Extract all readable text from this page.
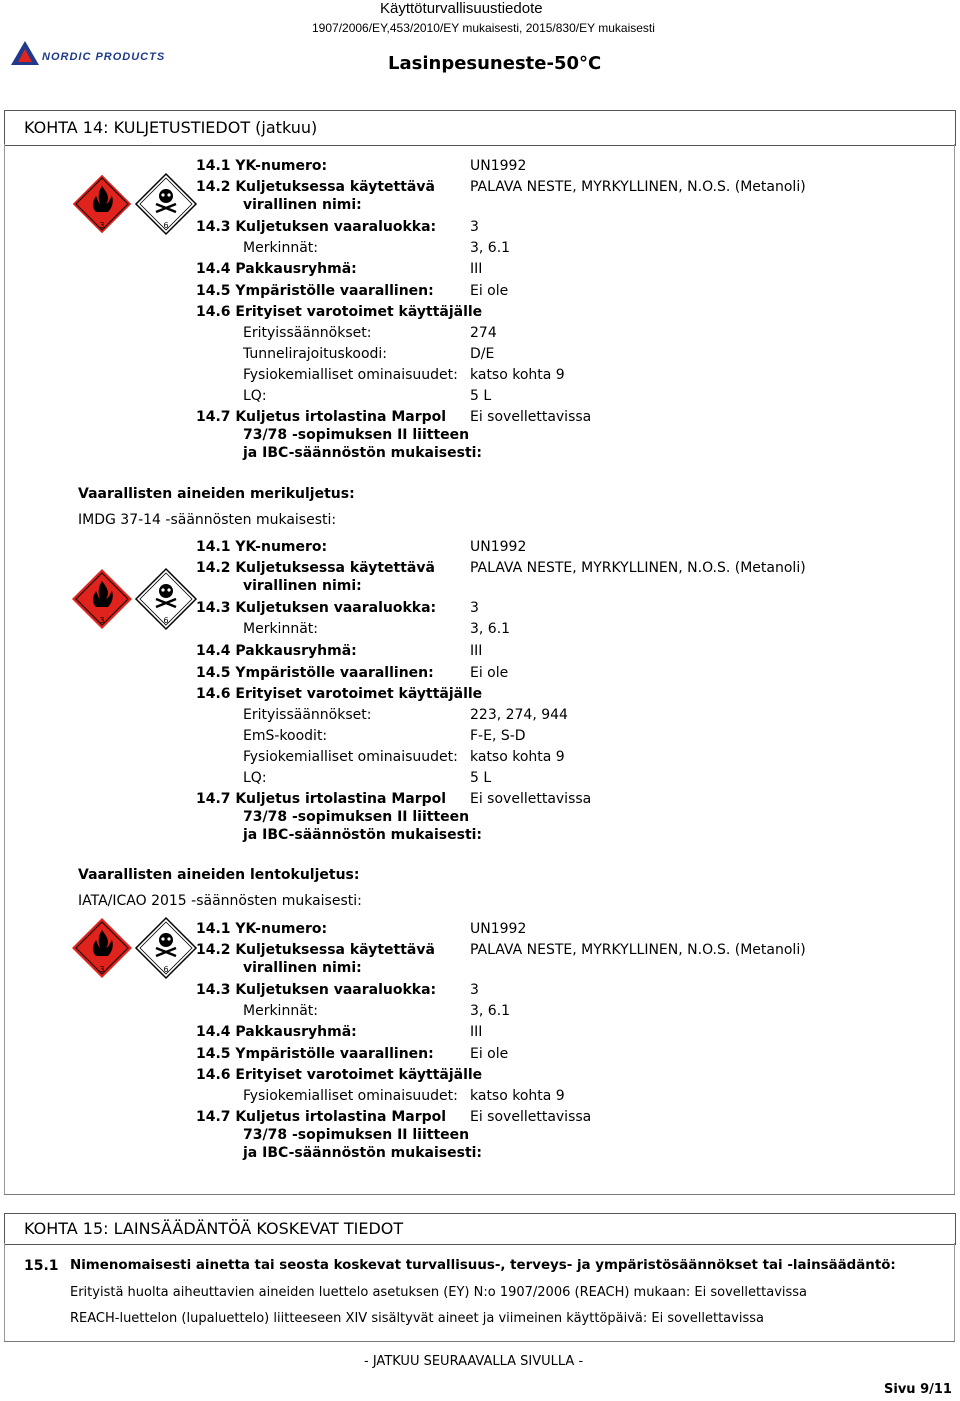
NORDIC PRODUCTS
Käyttöturvallisuustiedote
1907/2006/EY,453/2010/EY mukaisesti, 2015/830/EY mukaisesti
Lasinpesuneste-50°C
KOHTA 14: KULJETUSTIEDOT (jatkuu)
3	6
14.1 YK-numero:	UN1992
14.2 Kuljetuksessa käytettävä
virallinen nimi:
PALAVA NESTE, MYRKYLLINEN, N.O.S. (Metanoli)
14.3 Kuljetuksen vaaraluokka: 3
Merkinnät:	3, 6.1
14.4 Pakkausryhmä:	III
14.5 Ympäristölle vaarallinen:	Ei ole
14.6 Erityiset varotoimet käyttäjälle
Erityissäännökset:	274
Tunnelirajoituskoodi:	D/E
Fysiokemialliset ominaisuudet: katso kohta 9
LQ:	5 L
14.7 Kuljetus irtolastina Marpol
73/78 -sopimuksen II liitteen
ja IBC-säännöstön mukaisesti:
Ei sovellettavissa
Vaarallisten aineiden merikuljetus:
IMDG 37-14 -säännösten mukaisesti:
3	6
14.1 YK-numero:	UN1992
14.2 Kuljetuksessa käytettävä
virallinen nimi:
PALAVA NESTE, MYRKYLLINEN, N.O.S. (Metanoli)
14.3 Kuljetuksen vaaraluokka: 3
Merkinnät:	3, 6.1
14.4 Pakkausryhmä:	III
14.5 Ympäristölle vaarallinen:	Ei ole
14.6 Erityiset varotoimet käyttäjälle
Erityissäännökset:	223, 274, 944
EmS-koodit:	F-E, S-D
Fysiokemialliset ominaisuudet: katso kohta 9
LQ:	5 L
14.7 Kuljetus irtolastina Marpol
73/78 -sopimuksen II liitteen
ja IBC-säännöstön mukaisesti:
Ei sovellettavissa
Vaarallisten aineiden lentokuljetus:
IATA/ICAO 2015 -säännösten mukaisesti:
3	6
14.1 YK-numero:	UN1992
14.2 Kuljetuksessa käytettävä
virallinen nimi:
PALAVA NESTE, MYRKYLLINEN, N.O.S. (Metanoli)
14.3 Kuljetuksen vaaraluokka: 3
Merkinnät:	3, 6.1
14.4 Pakkausryhmä:	III
14.5 Ympäristölle vaarallinen:	Ei ole
14.6 Erityiset varotoimet käyttäjälle
Fysiokemialliset ominaisuudet: katso kohta 9
14.7 Kuljetus irtolastina Marpol
73/78 -sopimuksen II liitteen
ja IBC-säännöstön mukaisesti:
Ei sovellettavissa
KOHTA 15: LAINSÄÄDÄNTÖÄ KOSKEVAT TIEDOT
15.1 Nimenomaisesti ainetta tai seosta koskevat turvallisuus-, terveys- ja ympäristösäännökset tai -lainsäädäntö:
Erityistä huolta aiheuttavien aineiden luettelo asetuksen (EY) N:o 1907/2006 (REACH) mukaan: Ei sovellettavissa
REACH-luettelon (lupaluettelo) liitteeseen XIV sisältyvät aineet ja viimeinen käyttöpäivä: Ei sovellettavissa
- JATKUU SEURAAVALLA SIVULLA -
Sivu 9/11
